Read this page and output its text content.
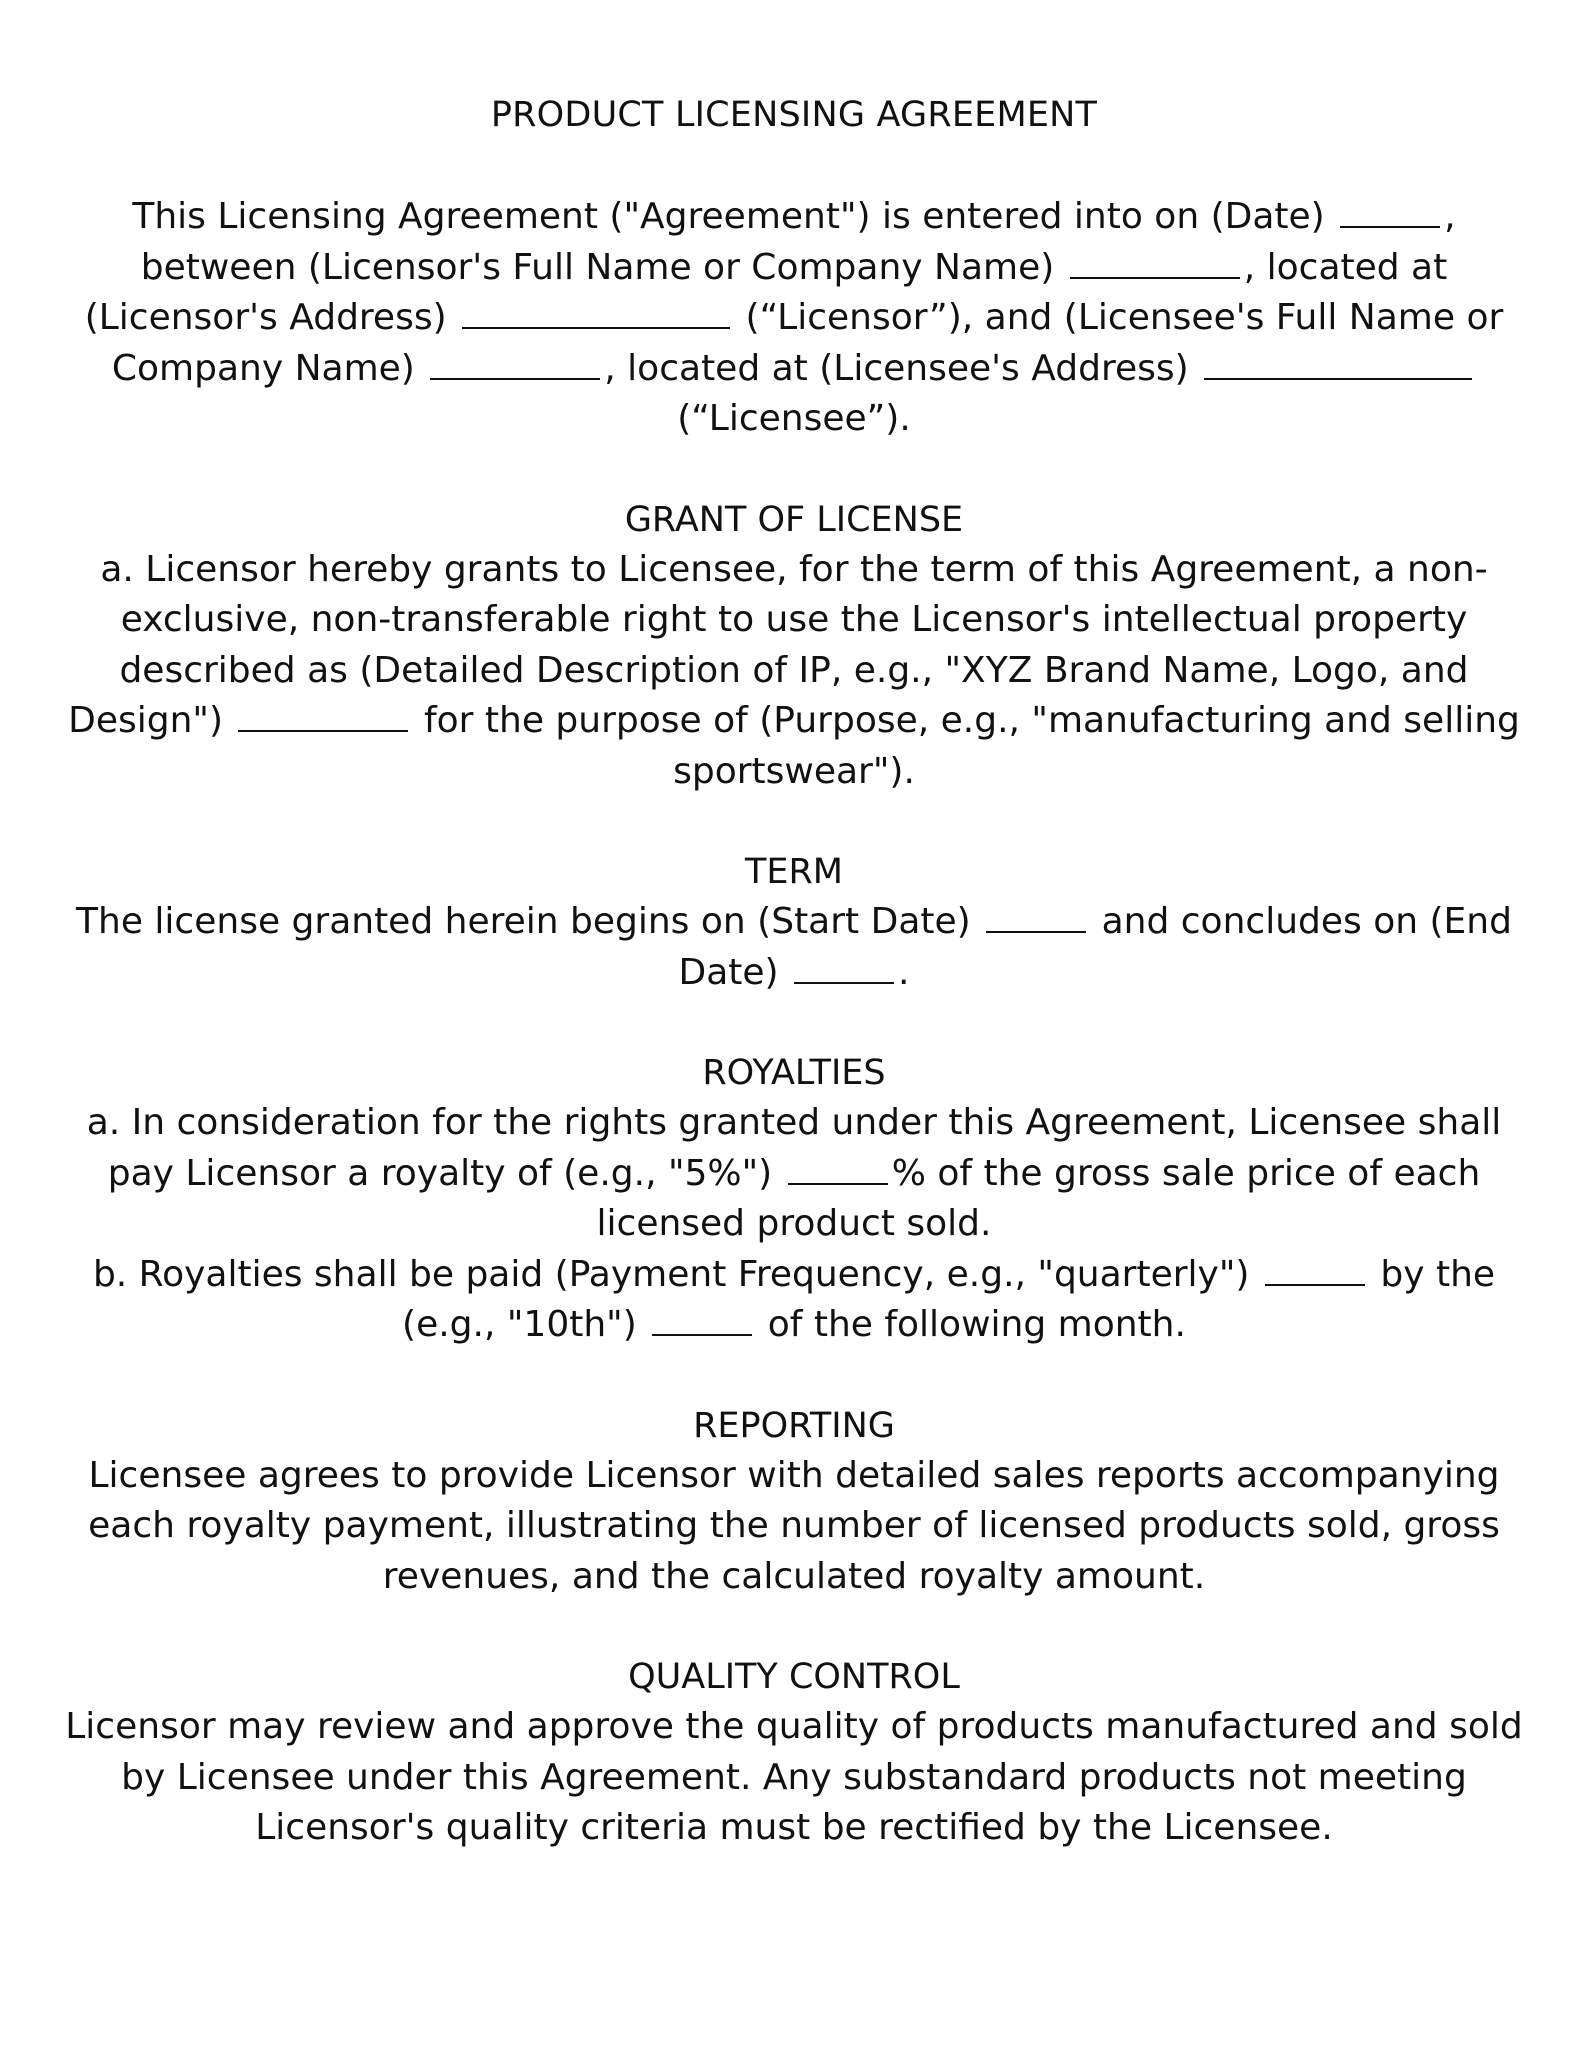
PRODUCT LICENSING AGREEMENT
This Licensing Agreement ("Agreement") is entered into on (Date)	, between (Licensor's Full Name or Company Name)	, located at (Licensor's Address)	(“Licensor”), and (Licensee's Full Name or Company Name)	, located at (Licensee's Address)  (“Licensee”).
GRANT OF LICENSE
a. Licensor hereby grants to Licensee, for the term of this Agreement, a non-exclusive, non-transferable right to use the Licensor's intellectual property described as (Detailed Description of IP, e.g., "XYZ Brand Name, Logo, and Design")	for the purpose of (Purpose, e.g., "manufacturing and selling sportswear").
TERM
The license granted herein begins on (Start Date)	and concludes on (End Date)	.
ROYALTIES

a. In consideration for the rights granted under this Agreement, Licensee shall pay Licensor a royalty of (e.g., "5%")	% of the gross sale price of each licensed product sold.

b. Royalties shall be paid (Payment Frequency, e.g., "quarterly")	by the (e.g., "10th")	of the following month.

REPORTING
Licensee agrees to provide Licensor with detailed sales reports accompanying each royalty payment, illustrating the number of licensed products sold, gross revenues, and the calculated royalty amount.
QUALITY CONTROL
Licensor may review and approve the quality of products manufactured and sold by Licensee under this Agreement. Any substandard products not meeting Licensor's quality criteria must be rectified by the Licensee.
